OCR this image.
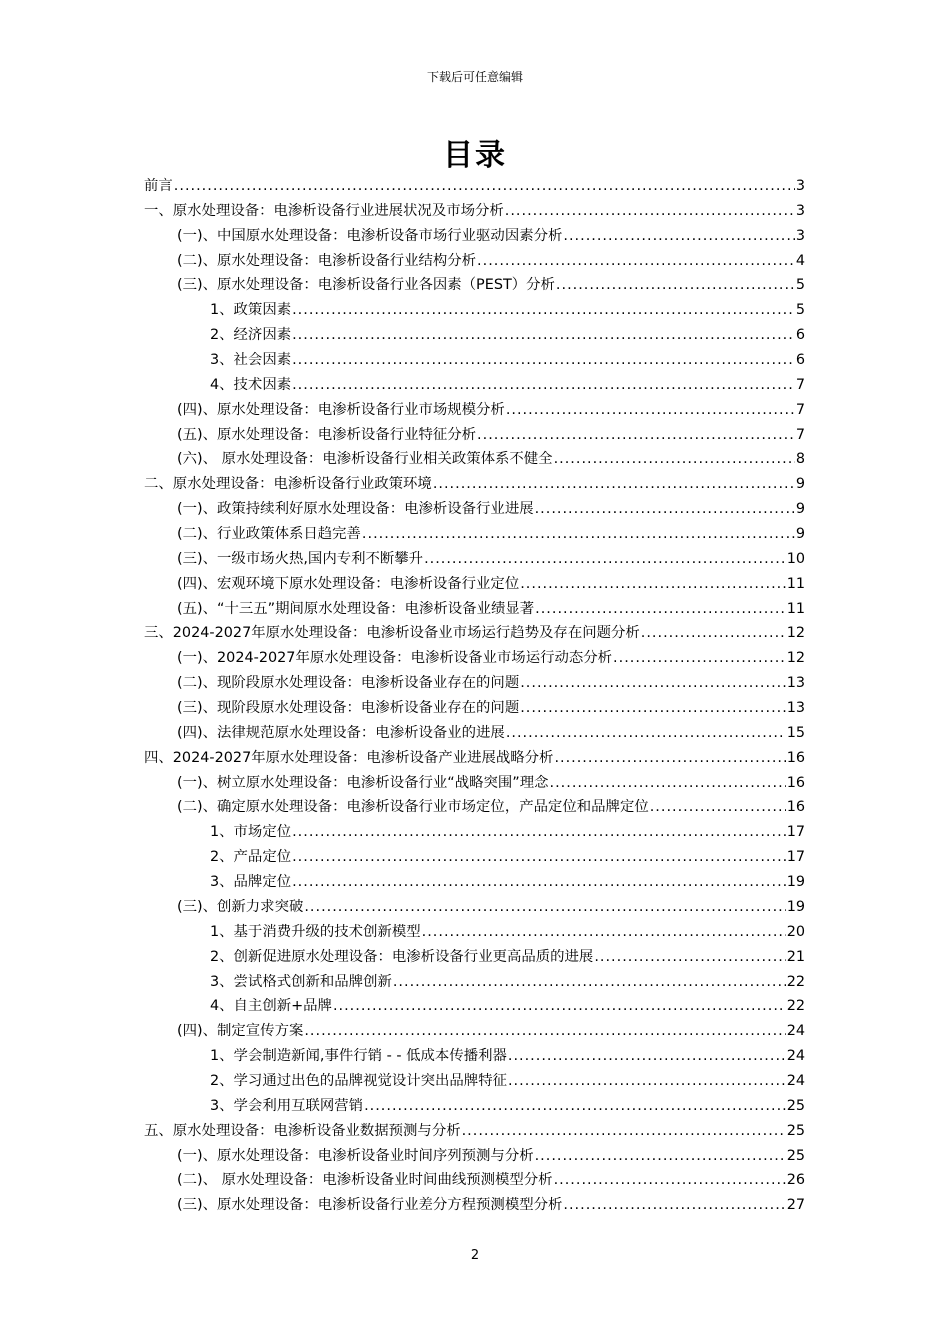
下载后可任意编辑
目录
前言 .....	3
一、原水处理设备：电渗析设备行业进展状况及市场分析 .....	3
(一)、中国原水处理设备：电渗析设备市场行业驱动因素分析 .....	3
(二)、原水处理设备：电渗析设备行业结构分析 .....	4
(三)、原水处理设备：电渗析设备行业各因素（PEST）分析 .....	5
1、政策因素 .....	5
2、经济因素 .....	6
3、社会因素 .....	6
4、技术因素 .....	7
(四)、原水处理设备：电渗析设备行业市场规模分析 .....	7
(五)、原水处理设备：电渗析设备行业特征分析 .....	7
(六)、 原水处理设备：电渗析设备行业相关政策体系不健全 .....	8
二、原水处理设备：电渗析设备行业政策环境 .....	9
(一)、政策持续利好原水处理设备：电渗析设备行业进展 .....	9
(二)、行业政策体系日趋完善 .....	9
(三)、一级市场火热,国内专利不断攀升 .....	10
(四)、宏观环境下原水处理设备：电渗析设备行业定位 .....	11
(五)、“十三五”期间原水处理设备：电渗析设备业绩显著 .....	11
三、2024-2027年原水处理设备：电渗析设备业市场运行趋势及存在问题分析 .....	12
(一)、2024-2027年原水处理设备：电渗析设备业市场运行动态分析 .....	12
(二)、现阶段原水处理设备：电渗析设备业存在的问题 .....	13
(三)、现阶段原水处理设备：电渗析设备业存在的问题 .....	13
(四)、法律规范原水处理设备：电渗析设备业的进展 .....	15
四、2024-2027年原水处理设备：电渗析设备产业进展战略分析 .....	16
(一)、树立原水处理设备：电渗析设备行业“战略突围”理念 .....	16
(二)、确定原水处理设备：电渗析设备行业市场定位，产品定位和品牌定位 .....	16
1、市场定位 .....	17
2、产品定位 .....	17
3、品牌定位 .....	19
(三)、创新力求突破 .....	19
1、基于消费升级的技术创新模型 .....	20
2、创新促进原水处理设备：电渗析设备行业更高品质的进展 .....	21
3、尝试格式创新和品牌创新 .....	22
4、自主创新+品牌 .....	22
(四)、制定宣传方案 .....	24
1、学会制造新闻,事件行销 - - 低成本传播利器 .....	24
2、学习通过出色的品牌视觉设计突出品牌特征 .....	24
3、学会利用互联网营销 .....	25
五、原水处理设备：电渗析设备业数据预测与分析 .....	25
(一)、原水处理设备：电渗析设备业时间序列预测与分析 .....	25
(二)、 原水处理设备：电渗析设备业时间曲线预测模型分析 .....	26
(三)、原水处理设备：电渗析设备行业差分方程预测模型分析 .....	27
2
